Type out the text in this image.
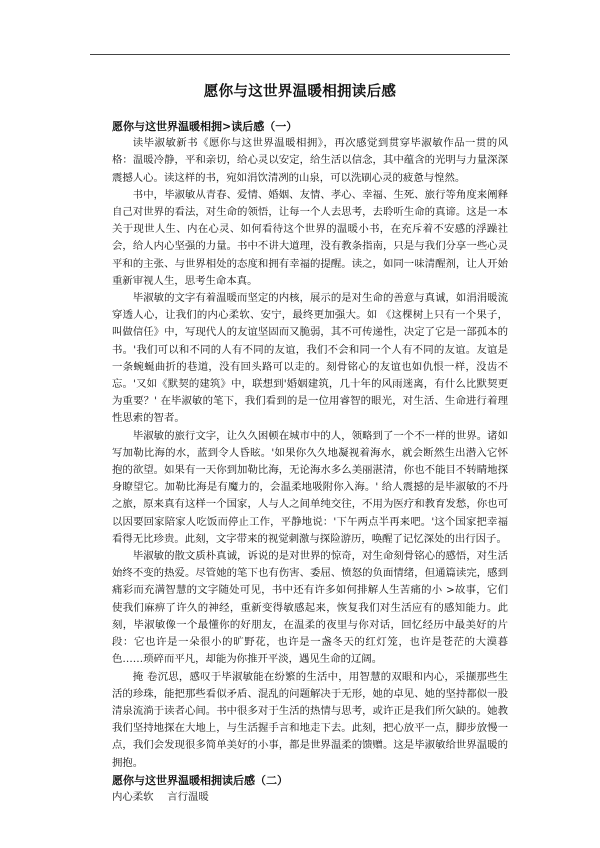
愿你与这世界温暖相拥读后感

愿你与这世界温暖相拥>读后感（一）

读毕淑敏新书《愿你与这世界温暖相拥》，再次感觉到贯穿毕淑敏作品一贯的风格：温暖冷静，平和亲切，给心灵以安定，给生活以信念，其中蕴含的光明与力量深深震撼人心。读这样的书，宛如涓饮清冽的山泉，可以洗刷心灵的疲惫与惶然。

书中，毕淑敏从青春、爱情、婚姻、友情、孝心、幸福、生死、旅行等角度来阐释自己对世界的看法，对生命的领悟，让每一个人去思考，去聆听生命的真谛。这是一本关于现世人生、内在心灵、如何看待这个世界的温暖小书，在充斥着不安感的浮躁社会，给人内心坚强的力量。书中不讲大道理，没有教条指南，只是与我们分享一些心灵平和的主张、与世界相处的态度和拥有幸福的提醒。读之，如同一味清醒剂，让人开始重新审视人生，思考生命本真。

毕淑敏的文字有着温暖而坚定的内核，展示的是对生命的善意与真诚，如涓涓暖流穿透人心，让我们的内心柔软、安宁，最终更加强大。如 《这棵树上只有一个果子，叫做信任》中，写现代人的友谊坚固而又脆弱，其不可传递性，决定了它是一部孤本的书。'我们可以和不同的人有不同的友谊，我们不会和同一个人有不同的友谊。友谊是一条蜿蜒曲折的巷道，没有回头路可以走的。刻骨铭心的友谊也如仇恨一样，没齿不忘。'又如《默契的建筑》中，联想到'婚姻建筑，几十年的风雨迷离，有什么比默契更为重要？' 在毕淑敏的笔下，我们看到的是一位用睿智的眼光，对生活、生命进行着理性思索的智者。

毕淑敏的旅行文字，让久久困顿在城市中的人，领略到了一个不一样的世界。诸如写加勒比海的水，蓝到令人昏眩。'如果你久久地凝视着海水，就会断然生出潜入它怀抱的欲望。如果有一天你到加勒比海，无论海水多么美丽湛清，你也不能目不转睛地探身瞭望它。加勒比海是有魔力的，会温柔地吸附你入海。' 给人震撼的是毕淑敏的不丹之旅，原来真有这样一个国家，人与人之间单纯交往，不用为医疗和教育发愁，你也可以因要回家陪家人吃饭而停止工作，平静地说：'下午两点半再来吧。'这个国家把幸福看得无比珍贵。此刻，文字带来的视觉刺激与探险游历，唤醒了记忆深处的出行因子。

毕淑敏的散文质朴真诚，诉说的是对世界的惊奇，对生命刻骨铭心的感悟，对生活始终不变的热爱。尽管她的笔下也有伤害、委屈、愤怒的负面情绪，但通篇读完，感到痛彩而充满智慧的文字随处可见，书中还有许多如何排解人生苦痛的小 >故事，它们使我们麻痹了许久的神经，重新变得敏感起来，恢复我们对生活应有的感知能力。此刻，毕淑敏像一个最懂你的好朋友，在温柔的夜里与你对话，回忆经历中最美好的片段：它也许是一朵很小的旷野花，也许是一盏冬天的红灯笼，也许是苍茫的大漠暮色……琐碎而平凡，却能为你推开平淡，遇见生命的辽阔。

掩 卷沉思，感叹于毕淑敏能在纷繁的生活中，用智慧的双眼和内心，采撷那些生活的珍珠，能把那些看似矛盾、混乱的问题解决于无形，她的卓见、她的坚持都似一股清泉流淌于读者心间。书中很多对于生活的热情与思考，或许正是我们所欠缺的。她教我们坚持地探在大地上，与生活握手言和地走下去。此刻，把心放平一点，脚步放慢一点，我们会发现很多简单美好的小事，都是世界温柔的馈赠。这是毕淑敏给世界温暖的拥抱。

愿你与这世界温暖相拥读后感（二）

内心柔软　 言行温暖
